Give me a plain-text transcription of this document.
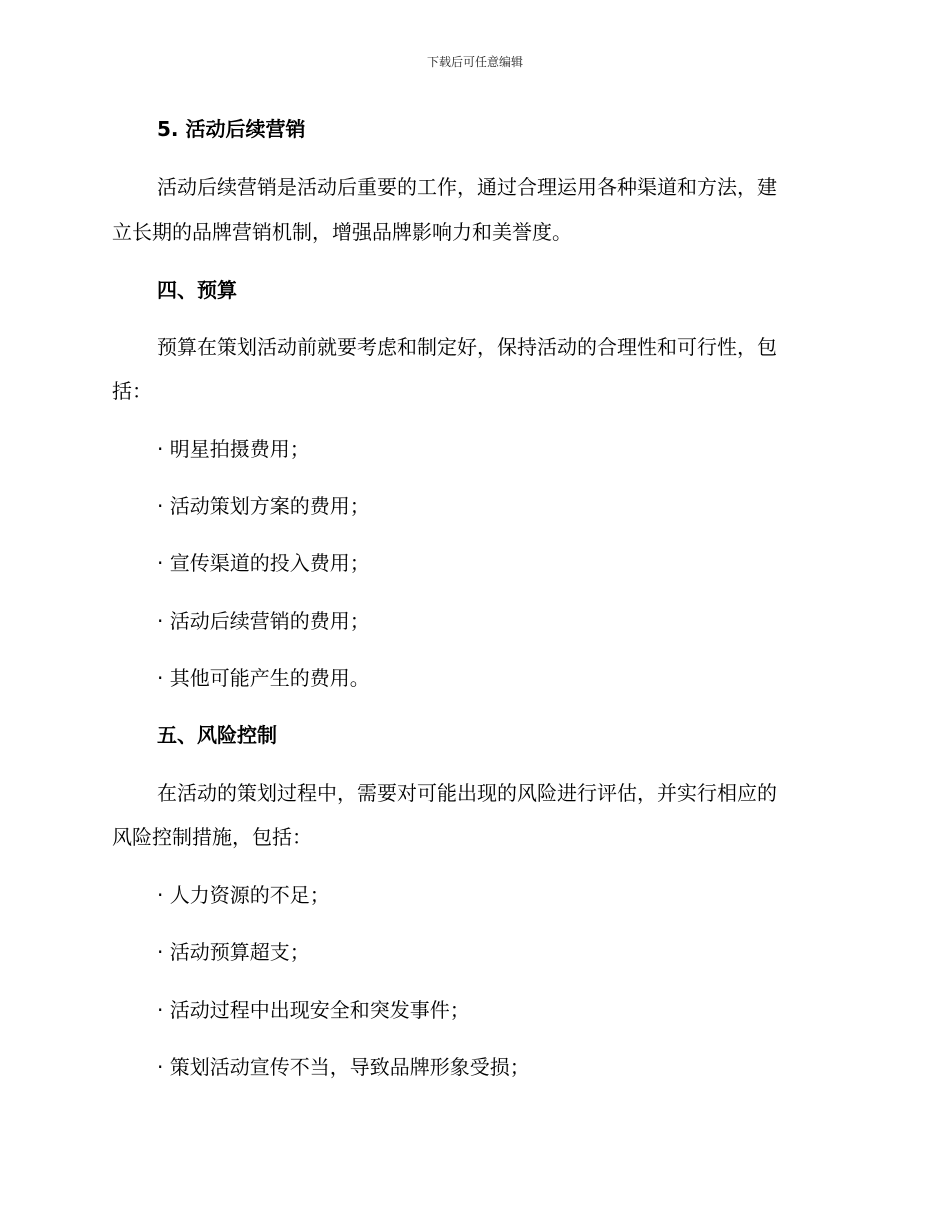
下载后可任意编辑
5. 活动后续营销
活动后续营销是活动后重要的工作，通过合理运用各种渠道和方法，建
立长期的品牌营销机制，增强品牌影响力和美誉度。
四、预算
预算在策划活动前就要考虑和制定好，保持活动的合理性和可行性，包
括：
· 明星拍摄费用；
· 活动策划方案的费用；
· 宣传渠道的投入费用；
· 活动后续营销的费用；
· 其他可能产生的费用。
五、风险控制
在活动的策划过程中，需要对可能出现的风险进行评估，并实行相应的
风险控制措施，包括：
· 人力资源的不足；
· 活动预算超支；
· 活动过程中出现安全和突发事件；
· 策划活动宣传不当，导致品牌形象受损；
